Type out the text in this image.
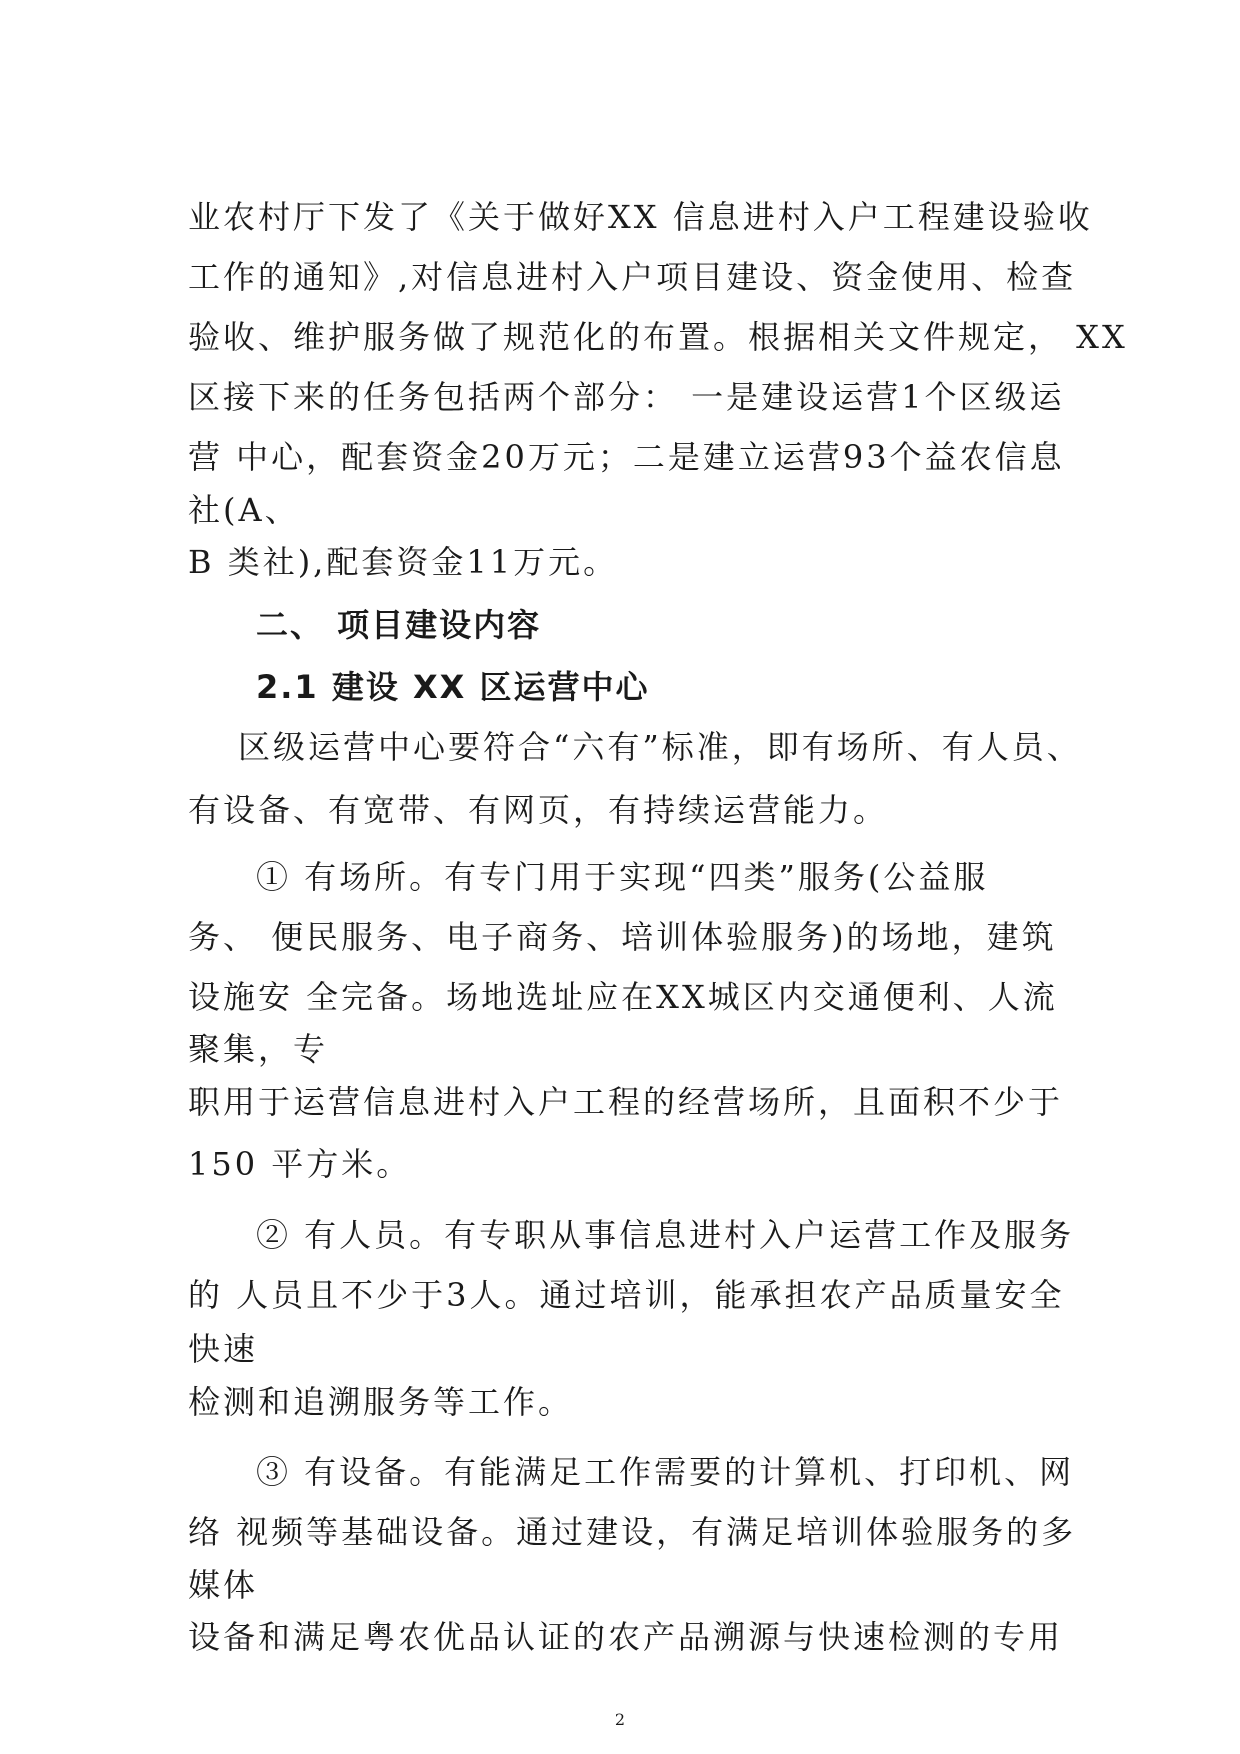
业农村厅下发了《关于做好XX 信息进村入户工程建设验收

工作的通知》,对信息进村入户项目建设、资金使用、检查

验收、维护服务做了规范化的布置。根据相关文件规定， XX

区接下来的任务包括两个部分： 一是建设运营1个区级运

营 中心，配套资金20万元；二是建立运营93个益农信息

社(A、

B 类社),配套资金11万元。

二、 项目建设内容

2.1 建设 XX 区运营中心

区级运营中心要符合“六有”标准，即有场所、有人员、

有设备、有宽带、有网页，有持续运营能力。

① 有场所。有专门用于实现“四类”服务(公益服

务、 便民服务、电子商务、培训体验服务)的场地，建筑

设施安 全完备。场地选址应在XX城区内交通便利、人流

聚集，专

职用于运营信息进村入户工程的经营场所，且面积不少于

150 平方米。

② 有人员。有专职从事信息进村入户运营工作及服务

的 人员且不少于3人。通过培训，能承担农产品质量安全

快速

检测和追溯服务等工作。

③ 有设备。有能满足工作需要的计算机、打印机、网

络 视频等基础设备。通过建设，有满足培训体验服务的多

媒体

设备和满足粤农优品认证的农产品溯源与快速检测的专用

2
